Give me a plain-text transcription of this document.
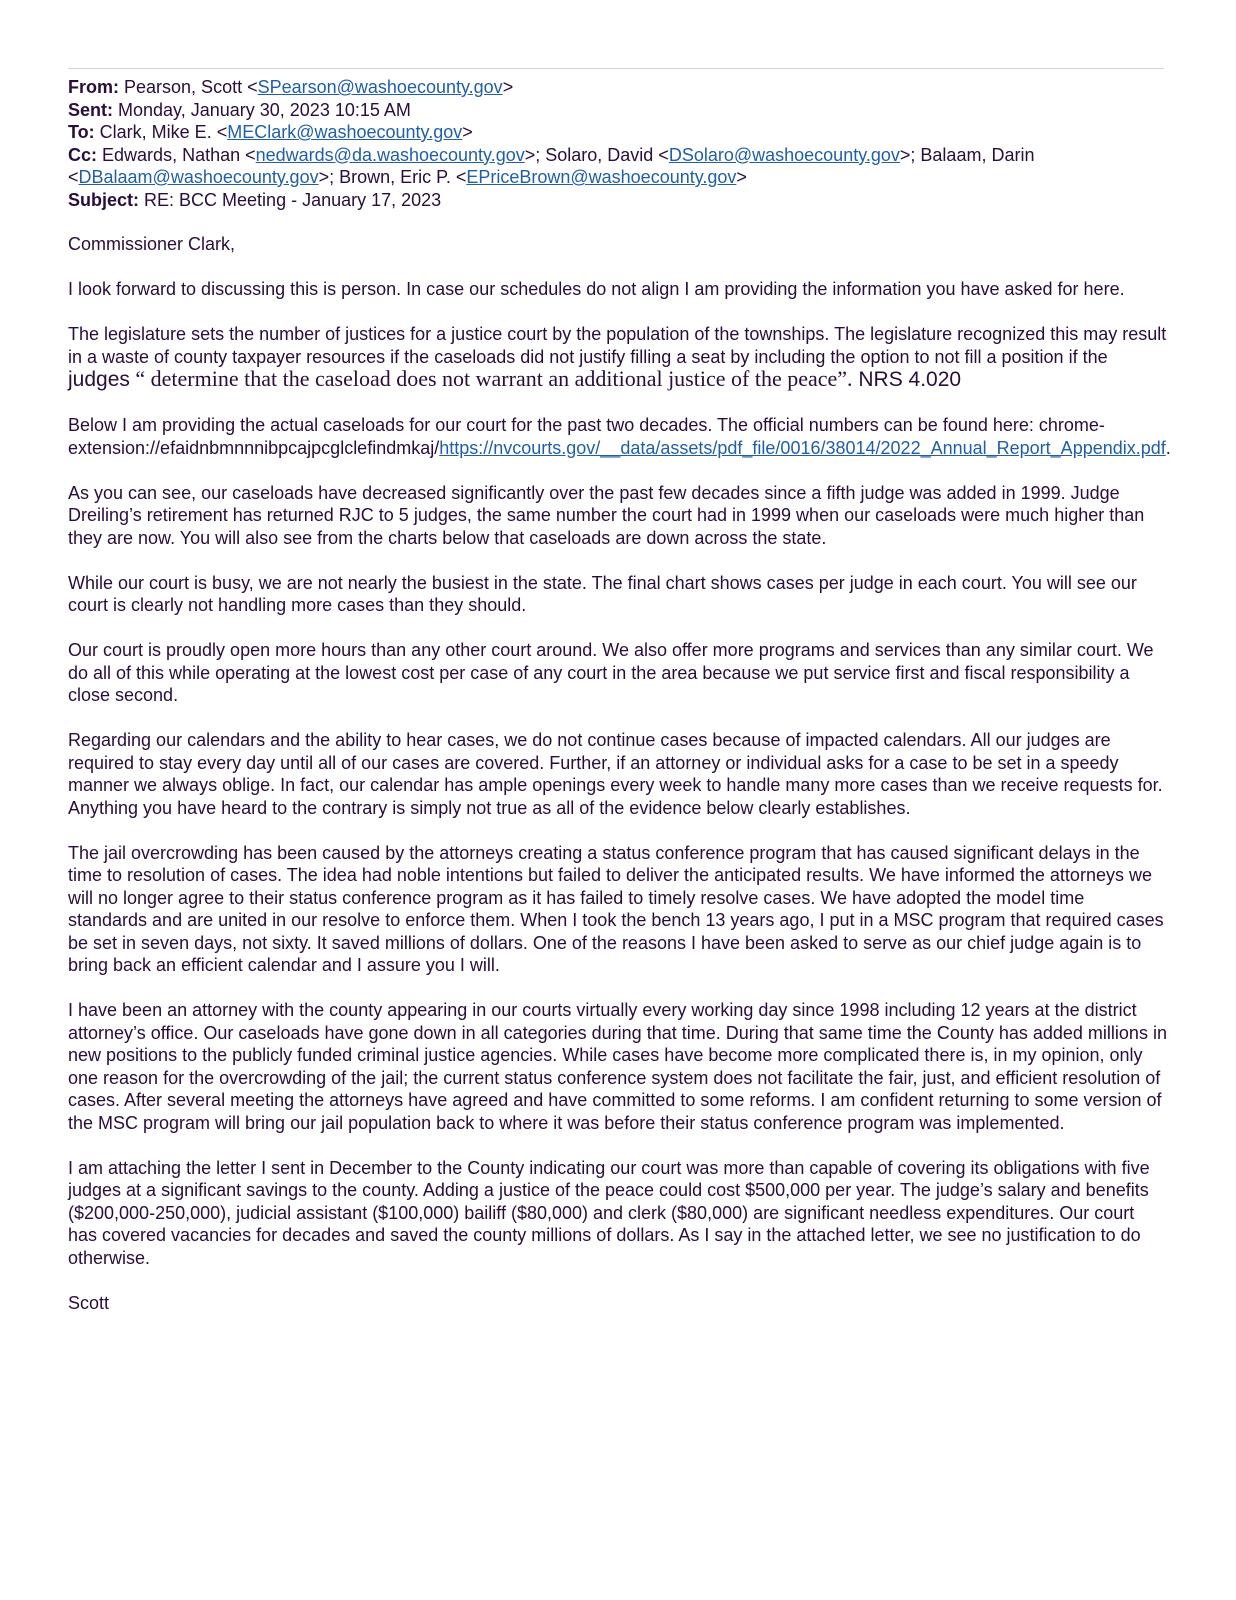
From: Pearson, Scott <SPearson@washoecounty.gov>
Sent: Monday, January 30, 2023 10:15 AM
To: Clark, Mike E. <MEClark@washoecounty.gov>
Cc: Edwards, Nathan <nedwards@da.washoecounty.gov>; Solaro, David <DSolaro@washoecounty.gov>; Balaam, Darin <DBalaam@washoecounty.gov>; Brown, Eric P. <EPriceBrown@washoecounty.gov>
Subject: RE: BCC Meeting - January 17, 2023

Commissioner Clark,

I look forward to discussing this is person. In case our schedules do not align I am providing the information you have asked for here.

The legislature sets the number of justices for a justice court by the population of the townships. The legislature recognized this may result in a waste of county taxpayer resources if the caseloads did not justify filling a seat by including the option to not fill a position if the judges “ determine that the caseload does not warrant an additional justice of the peace”. NRS 4.020

Below I am providing the actual caseloads for our court for the past two decades. The official numbers can be found here: chrome-extension://efaidnbmnnnibpcajpcglclefindmkaj/https://nvcourts.gov/__data/assets/pdf_file/0016/38014/2022_Annual_Report_Appendix.pdf.

As you can see, our caseloads have decreased significantly over the past few decades since a fifth judge was added in 1999. Judge Dreiling’s retirement has returned RJC to 5 judges, the same number the court had in 1999 when our caseloads were much higher than they are now. You will also see from the charts below that caseloads are down across the state.

While our court is busy, we are not nearly the busiest in the state. The final chart shows cases per judge in each court. You will see our court is clearly not handling more cases than they should.

Our court is proudly open more hours than any other court around. We also offer more programs and services than any similar court. We do all of this while operating at the lowest cost per case of any court in the area because we put service first and fiscal responsibility a close second.

Regarding our calendars and the ability to hear cases, we do not continue cases because of impacted calendars. All our judges are required to stay every day until all of our cases are covered. Further, if an attorney or individual asks for a case to be set in a speedy manner we always oblige. In fact, our calendar has ample openings every week to handle many more cases than we receive requests for. Anything you have heard to the contrary is simply not true as all of the evidence below clearly establishes.

The jail overcrowding has been caused by the attorneys creating a status conference program that has caused significant delays in the time to resolution of cases. The idea had noble intentions but failed to deliver the anticipated results. We have informed the attorneys we will no longer agree to their status conference program as it has failed to timely resolve cases. We have adopted the model time standards and are united in our resolve to enforce them. When I took the bench 13 years ago, I put in a MSC program that required cases be set in seven days, not sixty. It saved millions of dollars. One of the reasons I have been asked to serve as our chief judge again is to bring back an efficient calendar and I assure you I will.

I have been an attorney with the county appearing in our courts virtually every working day since 1998 including 12 years at the district attorney’s office. Our caseloads have gone down in all categories during that time. During that same time the County has added millions in new positions to the publicly funded criminal justice agencies. While cases have become more complicated there is, in my opinion, only one reason for the overcrowding of the jail; the current status conference system does not facilitate the fair, just, and efficient resolution of cases. After several meeting the attorneys have agreed and have committed to some reforms. I am confident returning to some version of the MSC program will bring our jail population back to where it was before their status conference program was implemented.

I am attaching the letter I sent in December to the County indicating our court was more than capable of covering its obligations with five judges at a significant savings to the county. Adding a justice of the peace could cost $500,000 per year. The judge’s salary and benefits ($200,000-250,000), judicial assistant ($100,000) bailiff ($80,000) and clerk ($80,000) are significant needless expenditures. Our court has covered vacancies for decades and saved the county millions of dollars. As I say in the attached letter, we see no justification to do otherwise.

Scott
